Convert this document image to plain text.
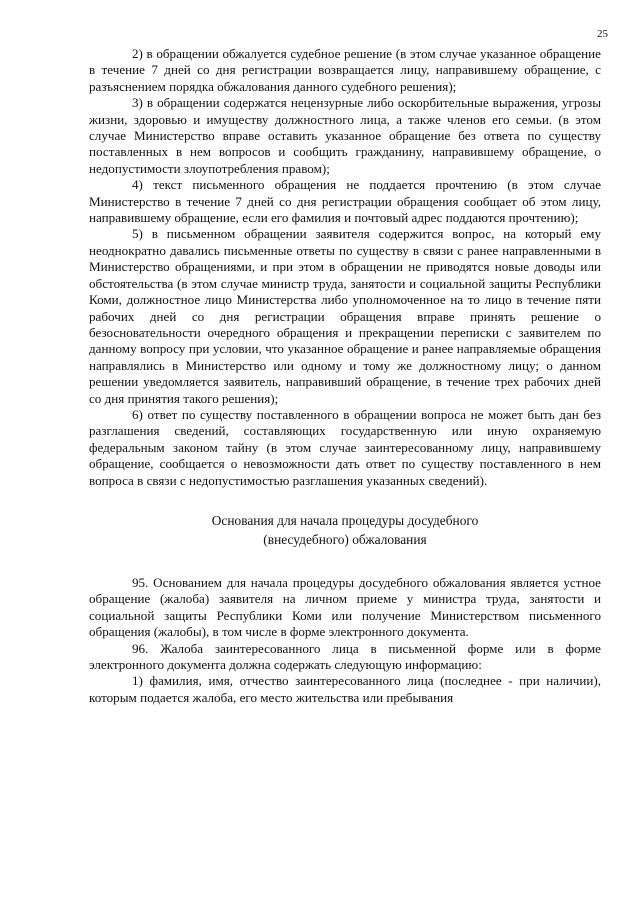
25

2) в обращении обжалуется судебное решение (в этом случае указанное обращение в течение 7 дней со дня регистрации возвращается лицу, направившему обращение, с разъяснением порядка обжалования данного судебного решения);

3) в обращении содержатся нецензурные либо оскорбительные выражения, угрозы жизни, здоровью и имуществу должностного лица, а также членов его семьи. (в этом случае Министерство вправе оставить указанное обращение без ответа по существу поставленных в нем вопросов и сообщить гражданину, направившему обращение, о недопустимости злоупотребления правом);

4) текст письменного обращения не поддается прочтению (в этом случае Министерство в течение 7 дней со дня регистрации обращения сообщает об этом лицу, направившему обращение, если его фамилия и почтовый адрес поддаются прочтению);

5) в письменном обращении заявителя содержится вопрос, на который ему неоднократно давались письменные ответы по существу в связи с ранее направленными в Министерство обращениями, и при этом в обращении не приводятся новые доводы или обстоятельства (в этом случае министр труда, занятости и социальной защиты Республики Коми, должностное лицо Министерства либо уполномоченное на то лицо в течение пяти рабочих дней со дня регистрации обращения вправе принять решение о безосновательности очередного обращения и прекращении переписки с заявителем по данному вопросу при условии, что указанное обращение и ранее направляемые обращения направлялись в Министерство или одному и тому же должностному лицу; о данном решении уведомляется заявитель, направивший обращение, в течение трех рабочих дней со дня принятия такого решения);

6) ответ по существу поставленного в обращении вопроса не может быть дан без разглашения сведений, составляющих государственную или иную охраняемую федеральным законом тайну (в этом случае заинтересованному лицу, направившему обращение, сообщается о невозможности дать ответ по существу поставленного в нем вопроса в связи с недопустимостью разглашения указанных сведений).

Основания для начала процедуры досудебного
(внесудебного) обжалования

95. Основанием для начала процедуры досудебного обжалования является устное обращение (жалоба) заявителя на личном приеме у министра труда, занятости и социальной защиты Республики Коми или получение Министерством письменного обращения (жалобы), в том числе в форме электронного документа.

96. Жалоба заинтересованного лица в письменной форме или в форме электронного документа должна содержать следующую информацию:

1) фамилия, имя, отчество заинтересованного лица (последнее - при наличии), которым подается жалоба, его место жительства или пребывания
